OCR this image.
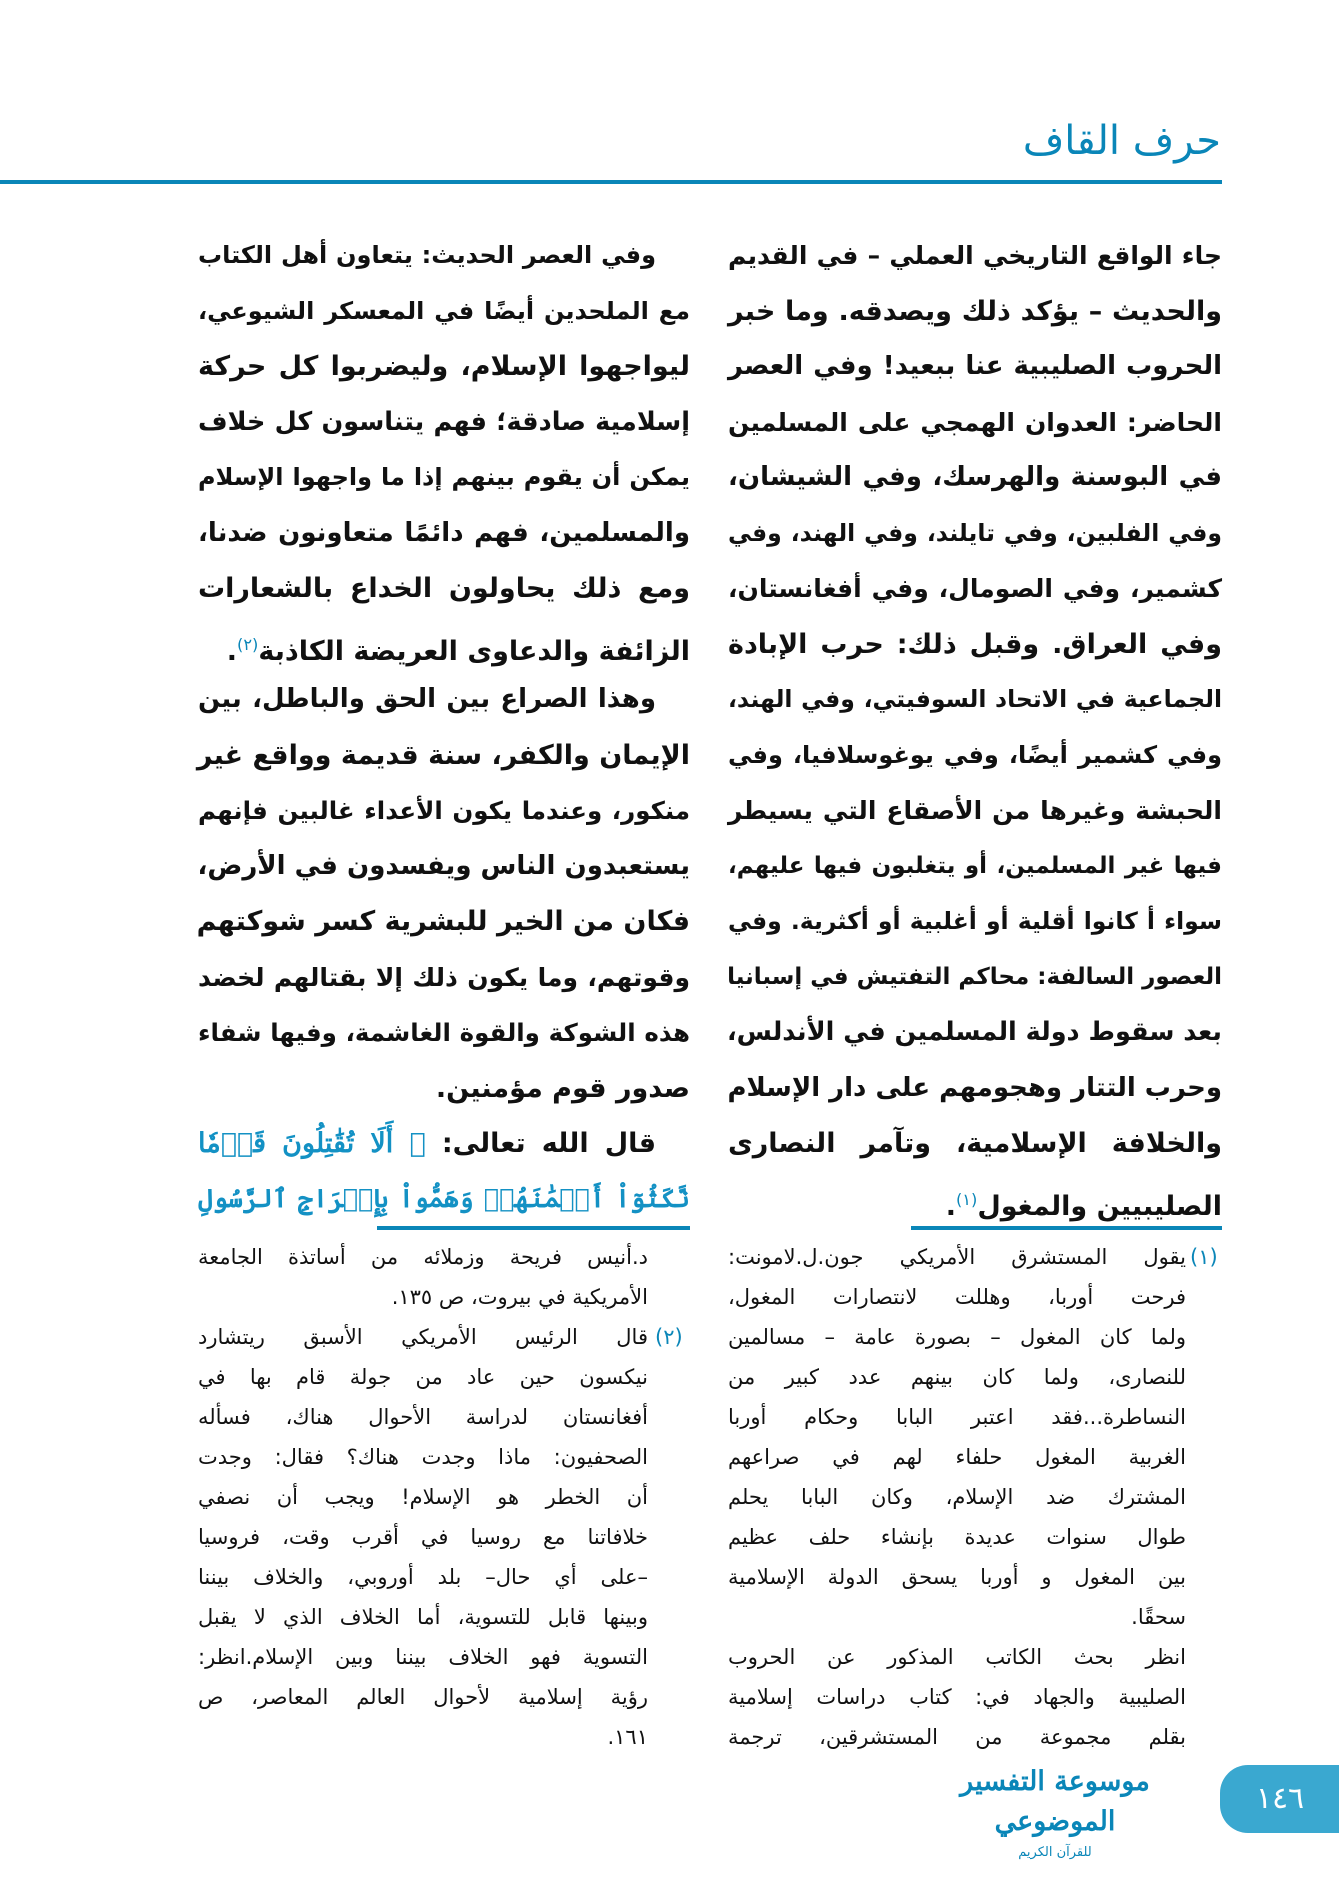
حرف القاف
جاء الواقع التاريخي العملي – في القديم
والحديث – يؤكد ذلك ويصدقه. وما خبر
الحروب الصليبية عنا ببعيد! وفي العصر
الحاضر: العدوان الهمجي على المسلمين
في البوسنة والهرسك، وفي الشيشان،
وفي الفلبين، وفي تايلند، وفي الهند، وفي
كشمير، وفي الصومال، وفي أفغانستان،
وفي العراق. وقبل ذلك: حرب الإبادة
الجماعية في الاتحاد السوفيتي، وفي الهند،
وفي كشمير أيضًا، وفي يوغوسلافيا، وفي
الحبشة وغيرها من الأصقاع التي يسيطر
فيها غير المسلمين، أو يتغلبون فيها عليهم،
سواء أ كانوا أقلية أو أغلبية أو أكثرية. وفي
العصور السالفة: محاكم التفتيش في إسبانيا
بعد سقوط دولة المسلمين في الأندلس،
وحرب التتار وهجومهم على دار الإسلام
والخلافة الإسلامية، وتآمر النصارى
الصليبيين والمغول$^{(١)}$.
وفي العصر الحديث: يتعاون أهل الكتاب
مع الملحدين أيضًا في المعسكر الشيوعي،
ليواجهوا الإسلام، وليضربوا كل حركة
إسلامية صادقة؛ فهم يتناسون كل خلاف
يمكن أن يقوم بينهم إذا ما واجهوا الإسلام
والمسلمين، فهم دائمًا متعاونون ضدنا،
ومع ذلك يحاولون الخداع بالشعارات
الزائفة والدعاوى العريضة الكاذبة$^{(٢)}$.
وهذا الصراع بين الحق والباطل، بين
الإيمان والكفر، سنة قديمة وواقع غير
منكور، وعندما يكون الأعداء غالبين فإنهم
يستعبدون الناس ويفسدون في الأرض،
فكان من الخير للبشرية كسر شوكتهم
وقوتهم، وما يكون ذلك إلا بقتالهم لخضد
هذه الشوكة والقوة الغاشمة، وفيها شفاء
صدور قوم مؤمنين.
قال الله تعالى: ﴿ أَلَا تُقَٰتِلُونَ قَوۡمٗا
نَّكَثُوٓاْ أَيۡمَٰنَهُمۡ وَهَمُّواْ بِإِخۡرَاجِ ٱلرَّسُولِ
(١)
يقول المستشرق الأمريكي جون.ل.لامونت:
فرحت أوربا، وهللت لانتصارات المغول،
ولما كان المغول – بصورة عامة – مسالمين
للنصارى، ولما كان بينهم عدد كبير من
النساطرة...فقد اعتبر البابا وحكام أوربا
الغربية المغول حلفاء لهم في صراعهم
المشترك ضد الإسلام، وكان البابا يحلم
طوال سنوات عديدة بإنشاء حلف عظيم
بين المغول و أوربا يسحق الدولة الإسلامية
سحقًا.
انظر بحث الكاتب المذكور عن الحروب
الصليبية والجهاد في: كتاب دراسات إسلامية
بقلم مجموعة من المستشرقين، ترجمة
(٢)
د.أنيس فريحة وزملائه من أساتذة الجامعة
الأمريكية في بيروت، ص ١٣٥.
قال الرئيس الأمريكي الأسبق ريتشارد
نيكسون حين عاد من جولة قام بها في
أفغانستان لدراسة الأحوال هناك، فسأله
الصحفيون: ماذا وجدت هناك؟ فقال: وجدت
أن الخطر هو الإسلام! ويجب أن نصفي
خلافاتنا مع روسيا في أقرب وقت، فروسيا
–على أي حال– بلد أوروبي، والخلاف بيننا
وبينها قابل للتسوية، أما الخلاف الذي لا يقبل
التسوية فهو الخلاف بيننا وبين الإسلام.انظر:
رؤية إسلامية لأحوال العالم المعاصر، ص
١٦١.
موسوعة التفسير الموضوعي
للقرآن الكريم
١٤٦
